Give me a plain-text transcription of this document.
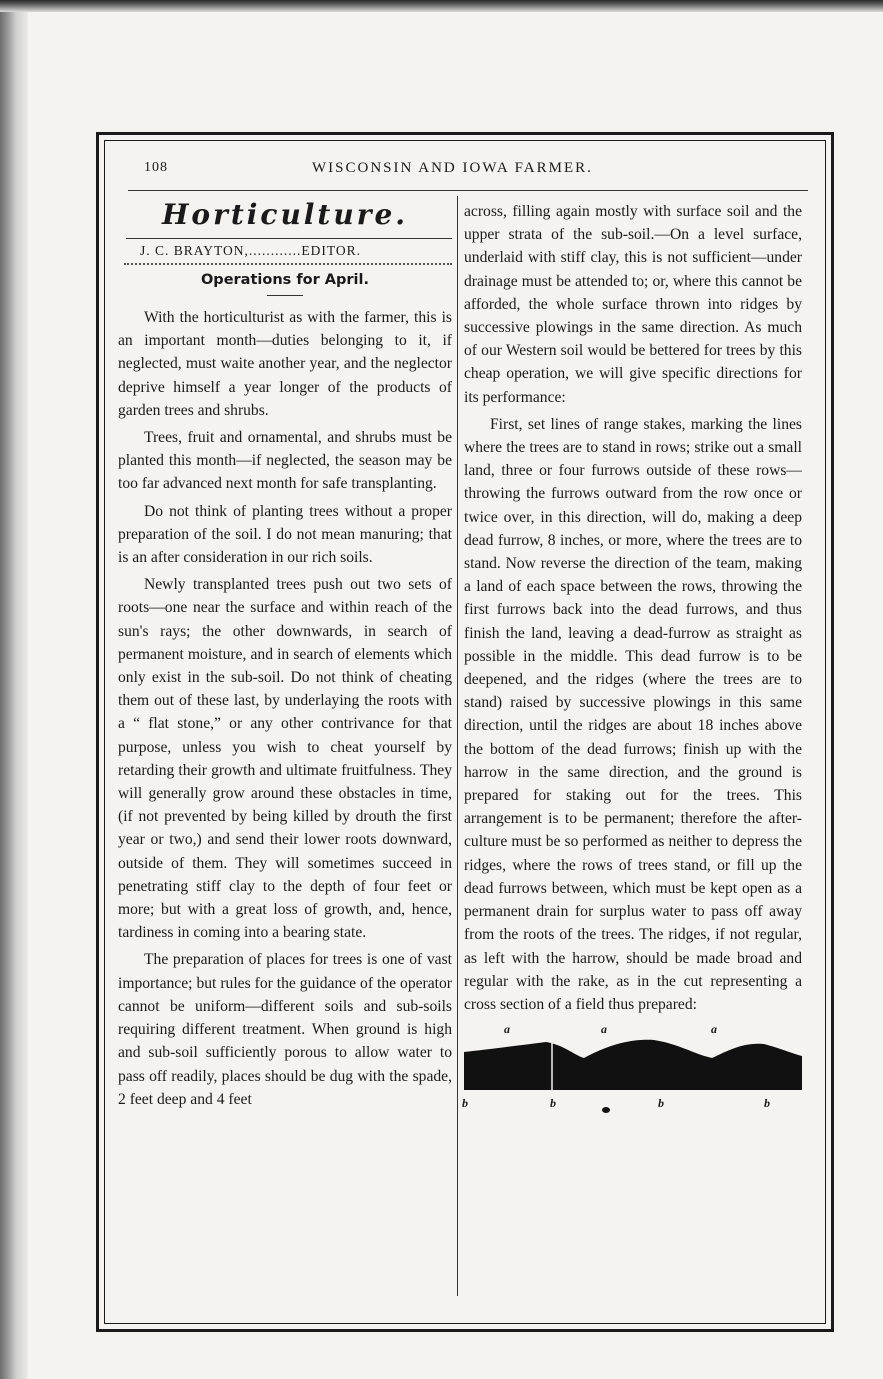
108	WISCONSIN AND IOWA FARMER.
Horticulture.
J. C. BRAYTON,............EDITOR.
Operations for April.

With the horticulturist as with the farmer, this is an important month—duties belonging to it, if neglected, must waite another year, and the neglector deprive himself a year longer of the products of garden trees and shrubs.

Trees, fruit and ornamental, and shrubs must be planted this month—if neglected, the season may be too far advanced next month for safe transplanting.

Do not think of planting trees without a proper preparation of the soil. I do not mean manuring; that is an after consideration in our rich soils.

Newly transplanted trees push out two sets of roots—one near the surface and within reach of the sun's rays; the other downwards, in search of permanent moisture, and in search of elements which only exist in the sub-soil. Do not think of cheating them out of these last, by underlaying the roots with a “ flat stone,” or any other contrivance for that purpose, unless you wish to cheat yourself by retarding their growth and ultimate fruitfulness. They will generally grow around these obstacles in time, (if not prevented by being killed by drouth the first year or two,) and send their lower roots downward, outside of them. They will sometimes succeed in penetrating stiff clay to the depth of four feet or more; but with a great loss of growth, and, hence, tardiness in coming into a bearing state.

The preparation of places for trees is one of vast importance; but rules for the guidance of the operator cannot be uniform—different soils and sub-soils requiring different treatment. When ground is high and sub-soil sufficiently porous to allow water to pass off readily, places should be dug with the spade, 2 feet deep and 4 feet

across, filling again mostly with surface soil and the upper strata of the sub-soil.—On a level surface, underlaid with stiff clay, this is not sufficient—under drainage must be attended to; or, where this cannot be afforded, the whole surface thrown into ridges by successive plowings in the same direction. As much of our Western soil would be bettered for trees by this cheap operation, we will give specific directions for its performance:

First, set lines of range stakes, marking the lines where the trees are to stand in rows; strike out a small land, three or four furrows outside of these rows—throwing the furrows outward from the row once or twice over, in this direction, will do, making a deep dead furrow, 8 inches, or more, where the trees are to stand. Now reverse the direction of the team, making a land of each space between the rows, throwing the first furrows back into the dead furrows, and thus finish the land, leaving a dead-furrow as straight as possible in the middle. This dead furrow is to be deepened, and the ridges (where the trees are to stand) raised by successive plowings in this same direction, until the ridges are about 18 inches above the bottom of the dead furrows; finish up with the harrow in the same direction, and the ground is prepared for staking out for the trees. This arrangement is to be permanent; therefore the after-culture must be so performed as neither to depress the ridges, where the rows of trees stand, or fill up the dead furrows between, which must be kept open as a permanent drain for surplus water to pass off away from the roots of the trees. The ridges, if not regular, as left with the harrow, should be made broad and regular with the rake, as in the cut representing a cross section of a field thus prepared:

a	a	a
b	b	b	b
